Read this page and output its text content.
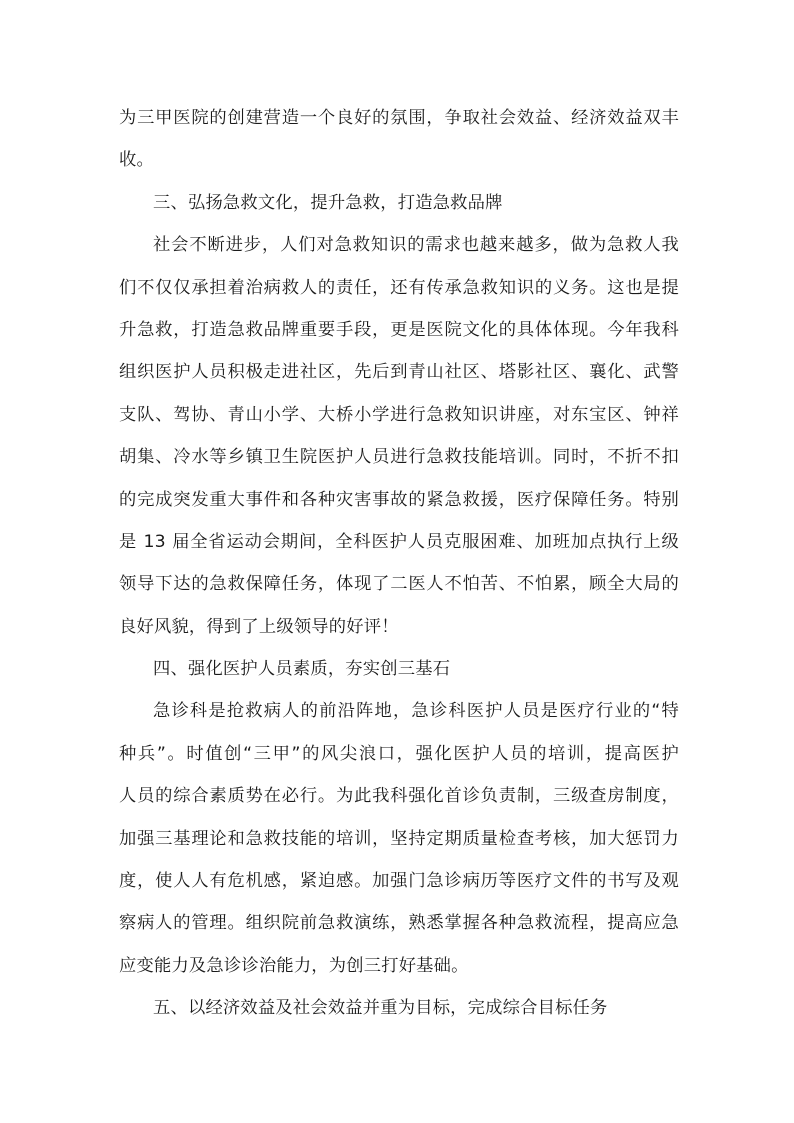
为三甲医院的创建营造一个良好的氛围，争取社会效益、经济效益双丰
收。
三、弘扬急救文化，提升急救，打造急救品牌
社会不断进步，人们对急救知识的需求也越来越多，做为急救人我
们不仅仅承担着治病救人的责任，还有传承急救知识的义务。这也是提
升急救，打造急救品牌重要手段，更是医院文化的具体体现。今年我科
组织医护人员积极走进社区，先后到青山社区、塔影社区、襄化、武警
支队、驾协、青山小学、大桥小学进行急救知识讲座，对东宝区、钟祥
胡集、冷水等乡镇卫生院医护人员进行急救技能培训。同时，不折不扣
的完成突发重大事件和各种灾害事故的紧急救援，医疗保障任务。特别
是 13 届全省运动会期间，全科医护人员克服困难、加班加点执行上级
领导下达的急救保障任务，体现了二医人不怕苦、不怕累，顾全大局的
良好风貌，得到了上级领导的好评！
四、强化医护人员素质，夯实创三基石
急诊科是抢救病人的前沿阵地，急诊科医护人员是医疗行业的“特
种兵”。时值创“三甲”的风尖浪口，强化医护人员的培训，提高医护
人员的综合素质势在必行。为此我科强化首诊负责制，三级查房制度，
加强三基理论和急救技能的培训，坚持定期质量检查考核，加大惩罚力
度，使人人有危机感，紧迫感。加强门急诊病历等医疗文件的书写及观
察病人的管理。组织院前急救演练，熟悉掌握各种急救流程，提高应急
应变能力及急诊诊治能力，为创三打好基础。
五、以经济效益及社会效益并重为目标，完成综合目标任务
